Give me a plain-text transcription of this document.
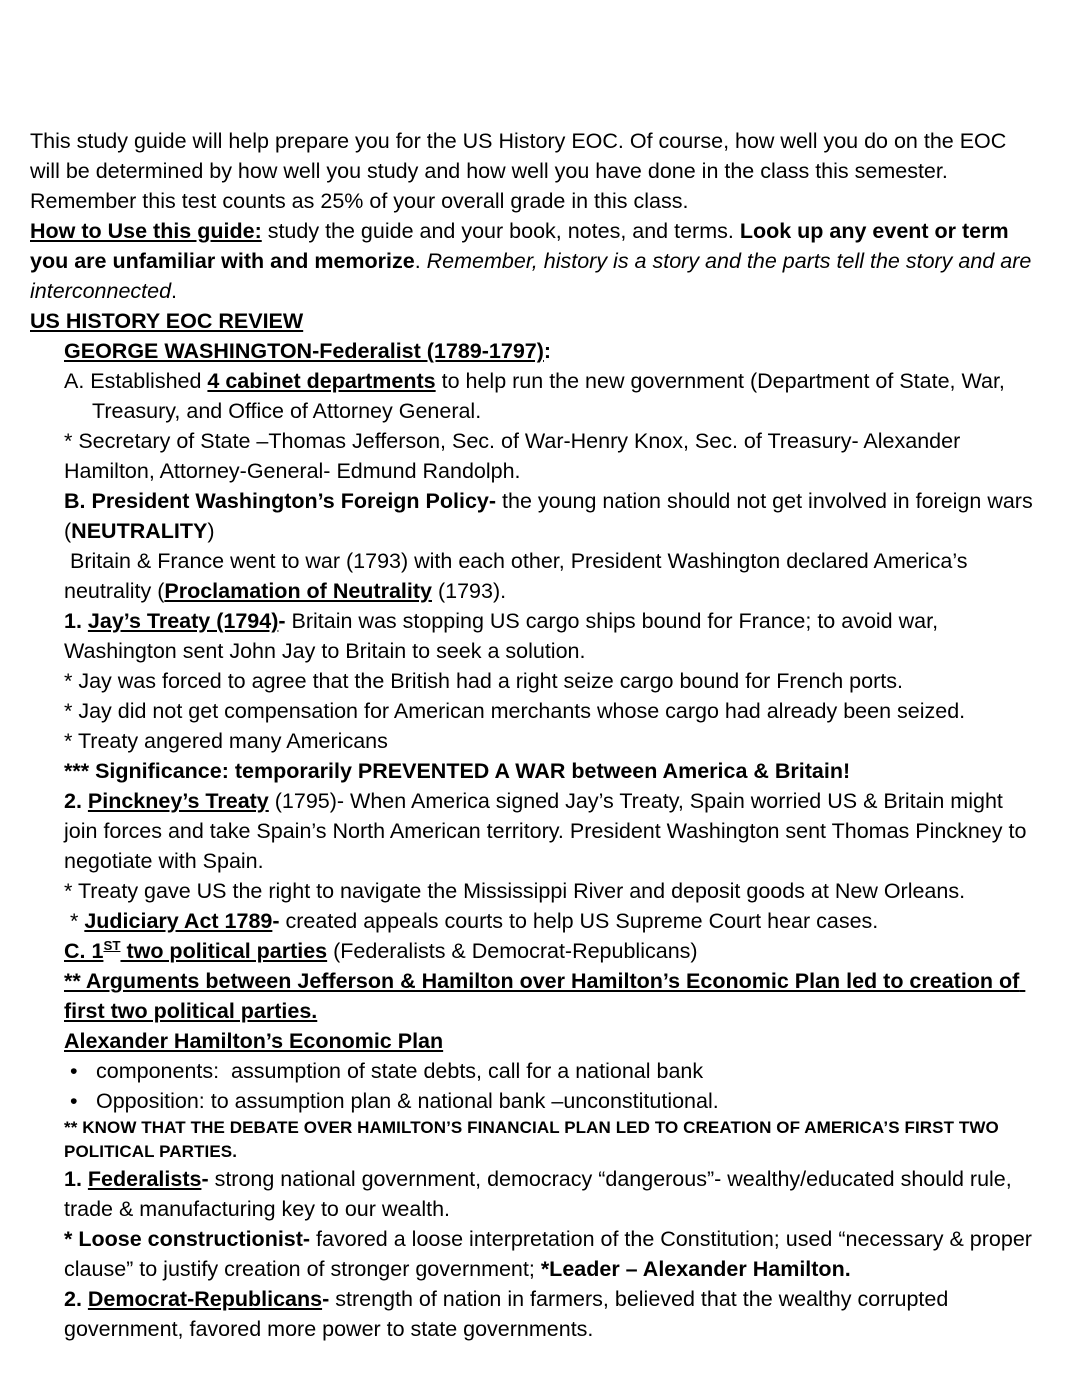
This study guide will help prepare you for the US History EOC. Of course, how well you do on the EOC will be determined by how well you study and how well you have done in the class this semester. Remember this test counts as 25% of your overall grade in this class.
How to Use this guide: study the guide and your book, notes, and terms. Look up any event or term you are unfamiliar with and memorize. Remember, history is a story and the parts tell the story and are interconnected.
US HISTORY EOC REVIEW
GEORGE WASHINGTON-Federalist (1789-1797):
A. Established 4 cabinet departments to help run the new government (Department of State, War, Treasury, and Office of Attorney General.
* Secretary of State –Thomas Jefferson, Sec. of War-Henry Knox, Sec. of Treasury- Alexander Hamilton, Attorney-General- Edmund Randolph.
B. President Washington’s Foreign Policy- the young nation should not get involved in foreign wars (NEUTRALITY)
Britain & France went to war (1793) with each other, President Washington declared America’s neutrality (Proclamation of Neutrality (1793).
1. Jay’s Treaty (1794)- Britain was stopping US cargo ships bound for France; to avoid war, Washington sent John Jay to Britain to seek a solution.
* Jay was forced to agree that the British had a right seize cargo bound for French ports.
* Jay did not get compensation for American merchants whose cargo had already been seized.
* Treaty angered many Americans
*** Significance: temporarily PREVENTED A WAR between America & Britain!
2. Pinckney’s Treaty (1795)- When America signed Jay’s Treaty, Spain worried US & Britain might join forces and take Spain’s North American territory. President Washington sent Thomas Pinckney to negotiate with Spain.
* Treaty gave US the right to navigate the Mississippi River and deposit goods at New Orleans.
* Judiciary Act 1789- created appeals courts to help US Supreme Court hear cases.
C. 1ST two political parties (Federalists & Democrat-Republicans)
** Arguments between Jefferson & Hamilton over Hamilton’s Economic Plan led to creation of first two political parties.
Alexander Hamilton’s Economic Plan
• components:  assumption of state debts, call for a national bank
• Opposition: to assumption plan & national bank –unconstitutional.
** KNOW THAT THE DEBATE OVER HAMILTON’S FINANCIAL PLAN LED TO CREATION OF AMERICA’S FIRST TWO POLITICAL PARTIES.
1. Federalists- strong national government, democracy “dangerous”- wealthy/educated should rule, trade & manufacturing key to our wealth.
* Loose constructionist- favored a loose interpretation of the Constitution; used “necessary & proper clause” to justify creation of stronger government; *Leader – Alexander Hamilton.
2. Democrat-Republicans- strength of nation in farmers, believed that the wealthy corrupted government, favored more power to state governments.
